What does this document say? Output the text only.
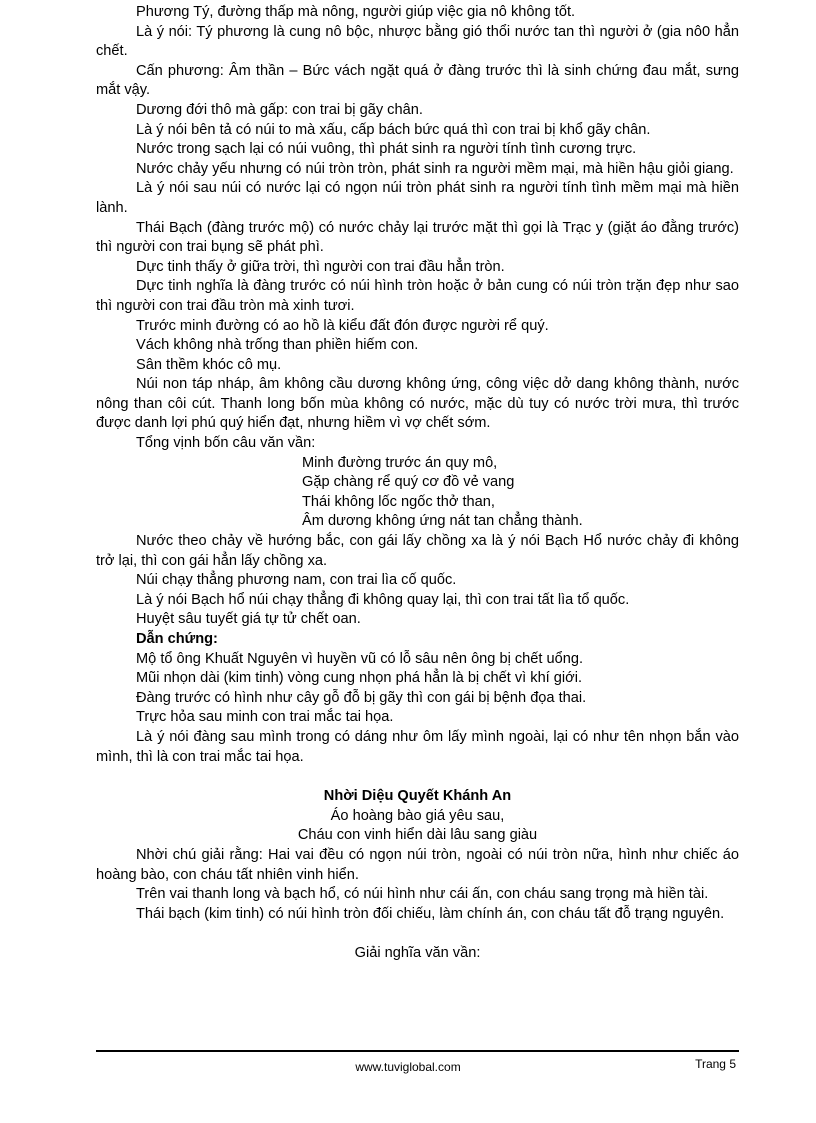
Phương Tý, đường thấp mà nông, người giúp việc gia nô không tốt.

Là ý nói: Tý phương là cung nô bộc, nhược bằng gió thổi nước tan thì người ở (gia nô0 hẳn chết.

Cấn phương: Âm thần – Bức vách ngặt quá ở đàng trước thì là sinh chứng đau mắt, sưng mắt vậy.

Dương đới thô mà gấp: con trai bị gãy chân.

Là ý nói bên tả có núi to mà xấu, cấp bách bức quá thì con trai bị khổ gãy chân.

Nước trong sạch lại có núi vuông, thì phát sinh ra người tính tình cương trực.

Nước chảy yếu nhưng có núi tròn tròn, phát sinh ra người mềm mại, mà hiền hậu giỏi giang.

Là ý nói sau núi có nước lại có ngọn núi tròn phát sinh ra người tính tình mềm mại mà hiền lành.

Thái Bạch (đàng trước mộ) có nước chảy lại trước mặt thì gọi là Trạc y (giặt áo đằng trước) thì người con trai bụng sẽ phát phì.

Dực tinh thấy ở giữa trời, thì người con trai đầu hẳn tròn.

Dực tinh nghĩa là đàng trước có núi hình tròn hoặc ở bản cung có núi tròn trặn đẹp như sao thì người con trai đầu tròn mà xinh tươi.

Trước minh đường có ao hồ là kiểu đất đón được người rể quý.

Vách không nhà trống than phiền hiếm con.

Sân thềm khóc cô mụ.

Núi non táp nháp, âm không cầu dương không ứng, công việc dở dang không thành, nước nông than côi cút. Thanh long bốn mùa không có nước, mặc dù tuy có nước trời mưa, thì trước được danh lợi phú quý hiển đạt, nhưng hiềm vì vợ chết sớm.

Tổng vịnh bốn câu văn vần:

Minh đường trước án quy mô,

Gặp chàng rể quý cơ đồ vẻ vang

Thái không lốc ngốc thở than,

Âm dương không ứng nát tan chẳng thành.

Nước theo chảy về hướng bắc, con gái lấy chồng xa là ý nói Bạch Hổ nước chảy đi không trở lại, thì con gái hẳn lấy chồng xa.

Núi chạy thẳng phương nam, con trai lìa cố quốc.

Là ý nói Bạch hổ núi chạy thẳng đi không quay lại, thì con trai tất lìa tổ quốc.

Huyệt sâu tuyết giá tự tử chết oan.

Dẫn chứng:

Mộ tổ ông Khuất Nguyên vì huyền vũ có lỗ sâu nên ông bị chết uổng.

Mũi nhọn dài (kim tinh) vòng cung nhọn phá hẳn là bị chết vì khí giới.

Đàng trước có hình như cây gỗ đỗ bị gãy thì con gái bị bệnh đọa thai.

Trực hỏa sau minh con trai mắc tai họa.

Là ý nói đàng sau mình trong có dáng như ôm lấy mình ngoài, lại có như tên nhọn bắn vào mình, thì là con trai mắc tai họa.

Nhời Diệu Quyết Khánh An

Áo hoàng bào giá yêu sau,

Cháu con vinh hiển dài lâu sang giàu

Nhời chú giải rằng: Hai vai đều có ngọn núi tròn, ngoài có núi tròn nữa, hình như chiếc áo hoàng bào, con cháu tất nhiên vinh hiển.

Trên vai thanh long và bạch hổ, có núi hình như cái ấn, con cháu sang trọng mà hiền tài.

Thái bạch (kim tinh) có núi hình tròn đối chiếu, làm chính án, con cháu tất đỗ trạng nguyên.

Giải nghĩa văn vần:

www.tuviglobal.com	Trang 5
